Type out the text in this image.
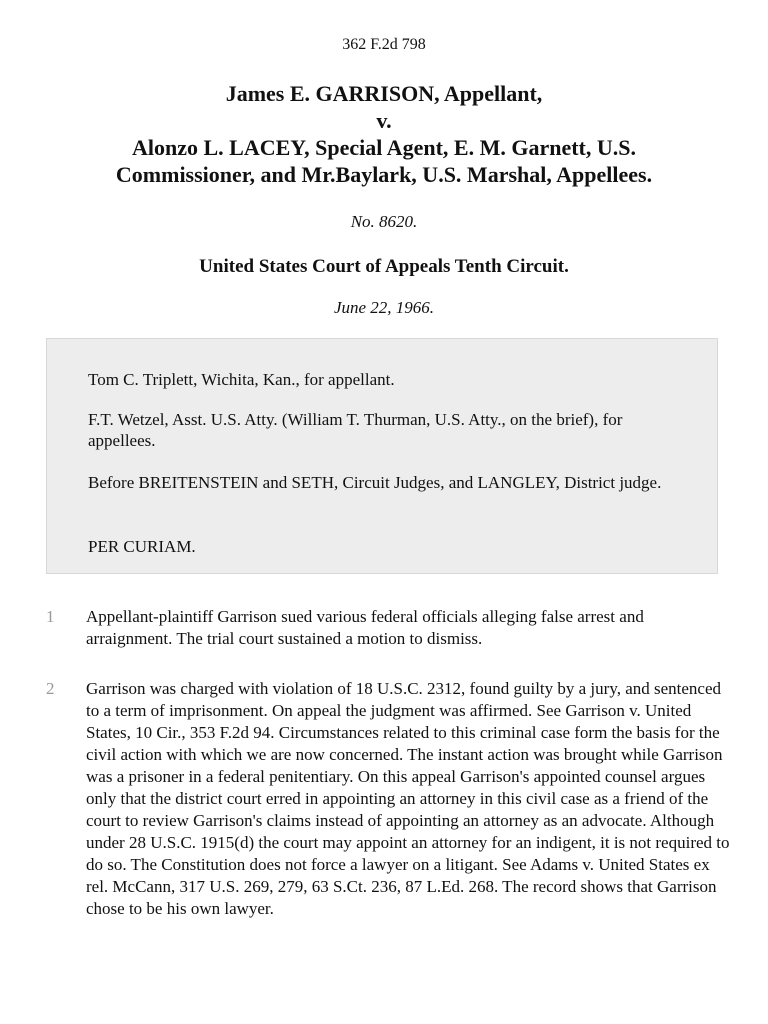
362 F.2d 798
James E. GARRISON, Appellant,
v.
Alonzo L. LACEY, Special Agent, E. M. Garnett, U.S.
Commissioner, and Mr.Baylark, U.S. Marshal, Appellees.
No. 8620.
United States Court of Appeals Tenth Circuit.
June 22, 1966.

Tom C. Triplett, Wichita, Kan., for appellant.

F.T. Wetzel, Asst. U.S. Atty. (William T. Thurman, U.S. Atty., on the brief), for appellees.

Before BREITENSTEIN and SETH, Circuit Judges, and LANGLEY, District judge.

PER CURIAM.

1 Appellant-plaintiff Garrison sued various federal officials alleging false arrest and arraignment. The trial court sustained a motion to dismiss.
2 Garrison was charged with violation of 18 U.S.C. 2312, found guilty by a jury, and sentenced to a term of imprisonment. On appeal the judgment was affirmed. See Garrison v. United States, 10 Cir., 353 F.2d 94. Circumstances related to this criminal case form the basis for the civil action with which we are now concerned. The instant action was brought while Garrison was a prisoner in a federal penitentiary. On this appeal Garrison's appointed counsel argues only that the district court erred in appointing an attorney in this civil case as a friend of the court to review Garrison's claims instead of appointing an attorney as an advocate. Although under 28 U.S.C. 1915(d) the court may appoint an attorney for an indigent, it is not required to do so. The Constitution does not force a lawyer on a litigant. See Adams v. United States ex rel. McCann, 317 U.S. 269, 279, 63 S.Ct. 236, 87 L.Ed. 268. The record shows that Garrison chose to be his own lawyer.
